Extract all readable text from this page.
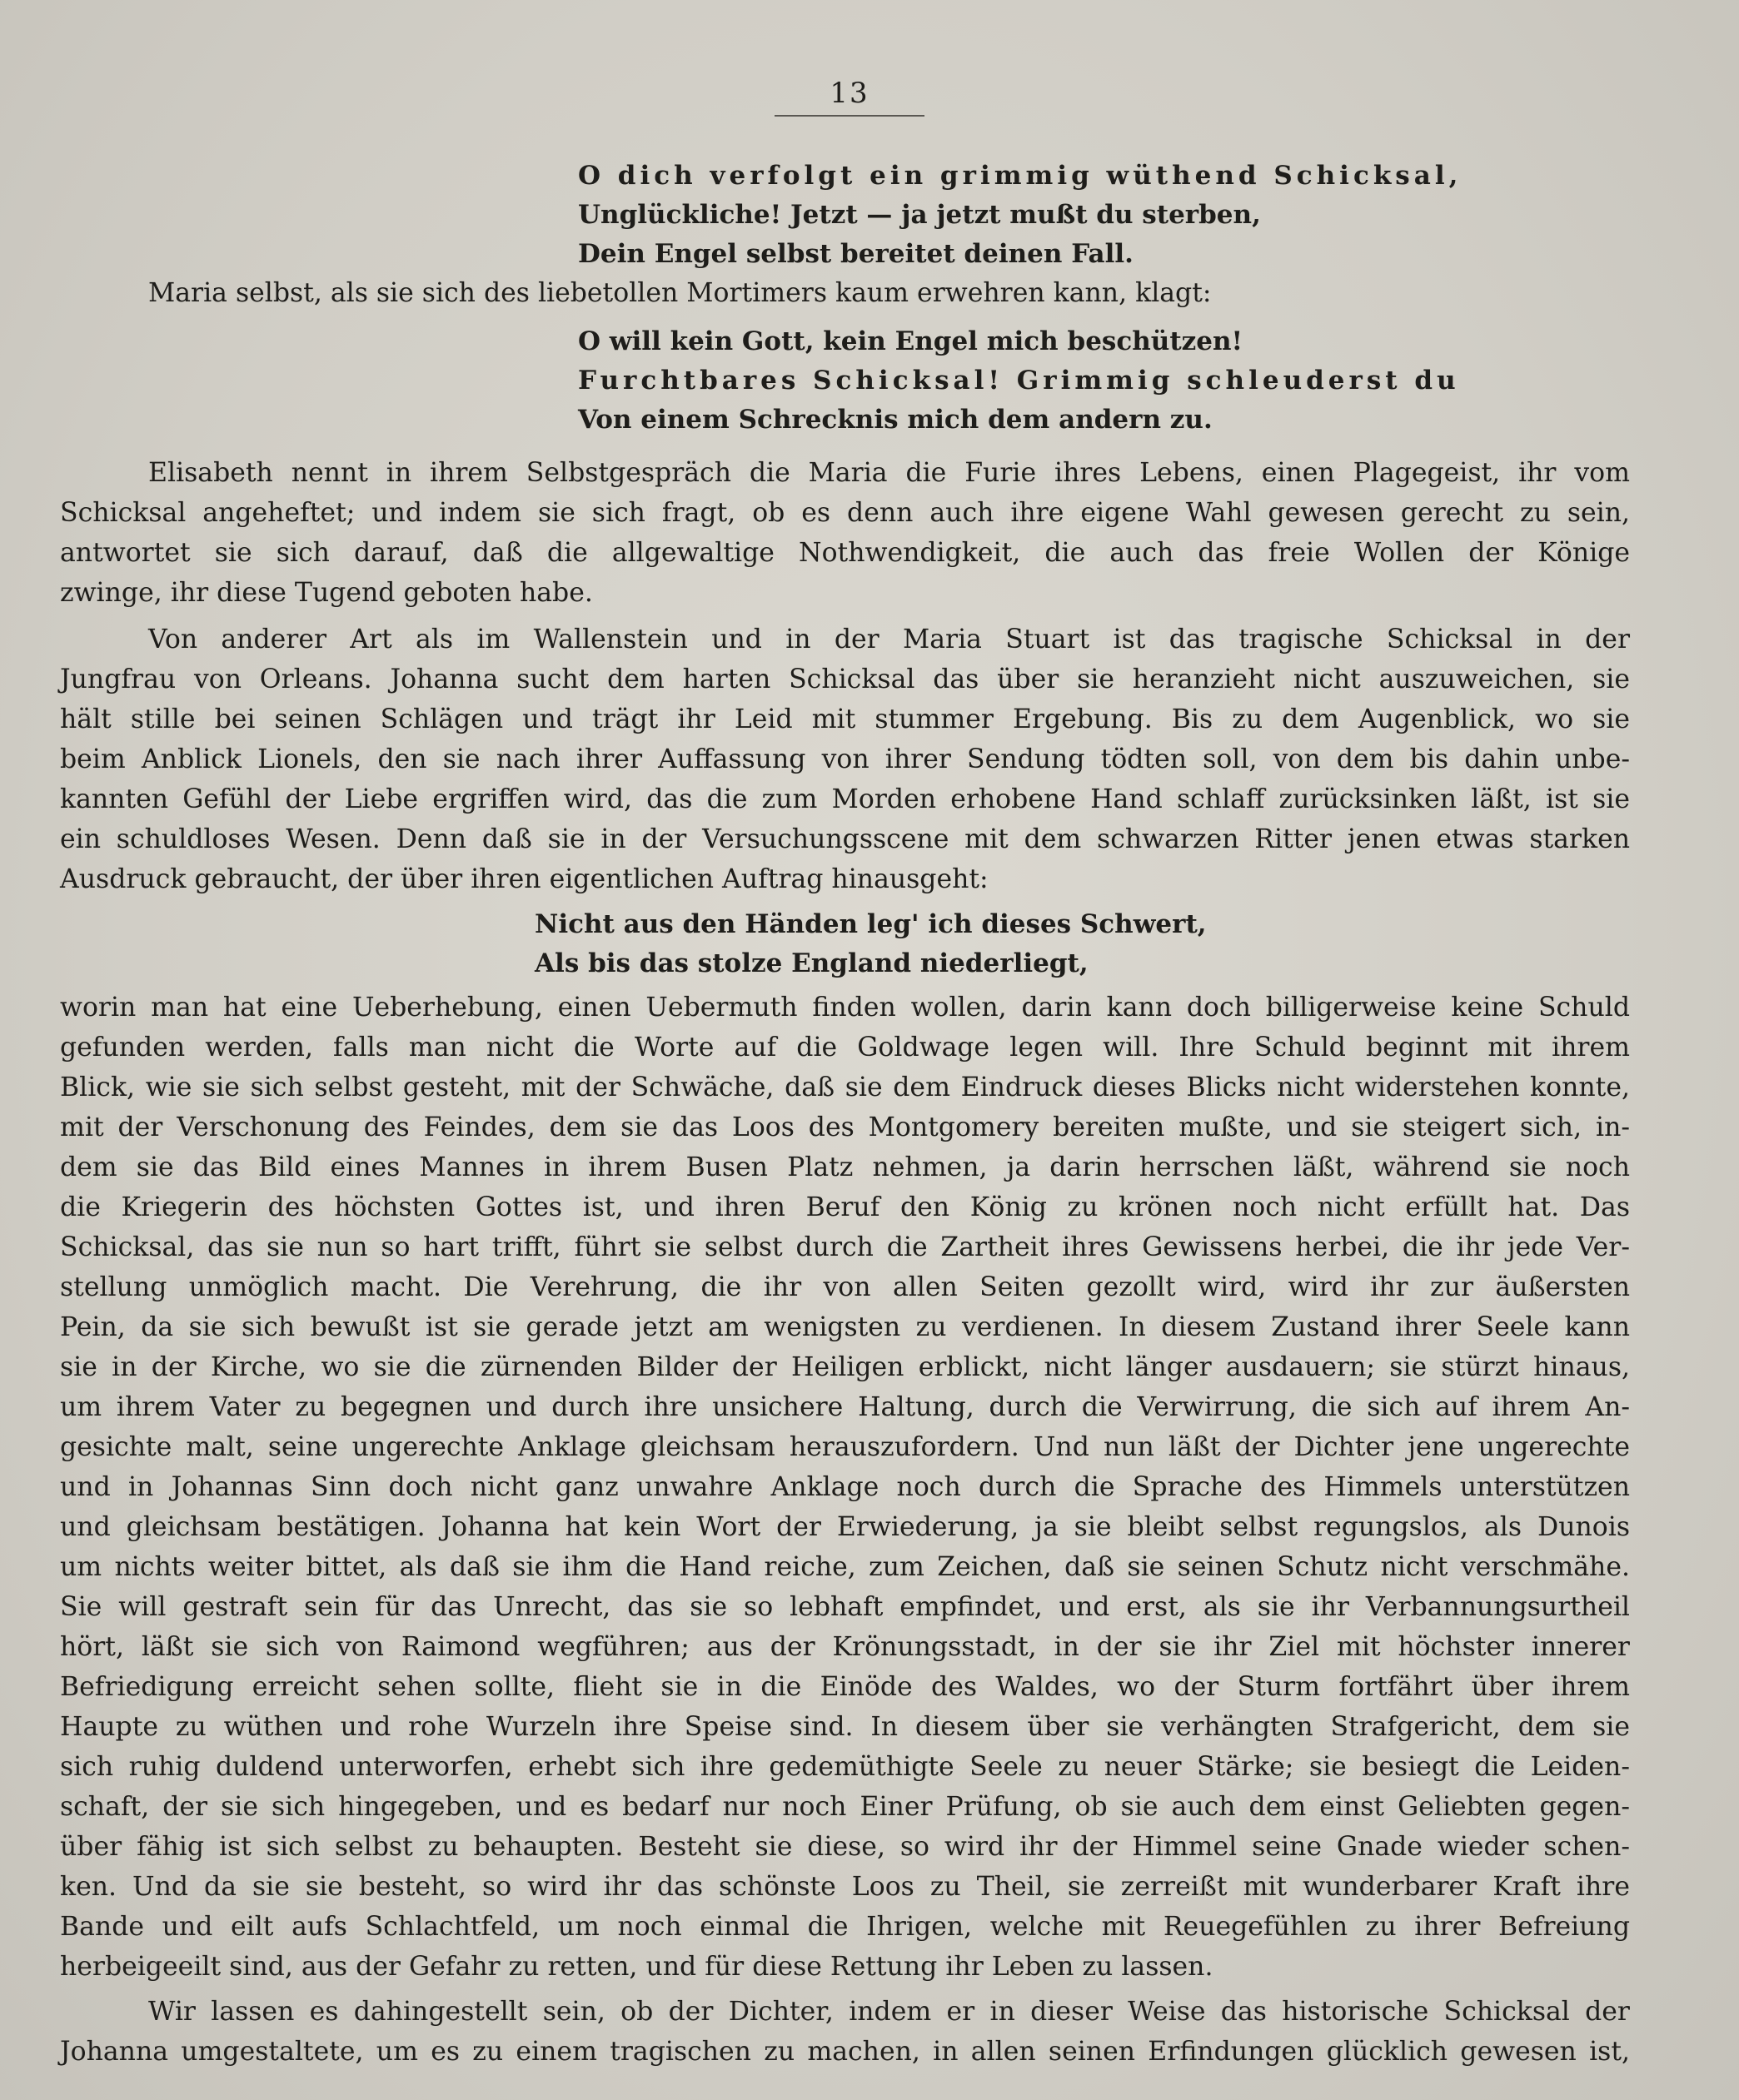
13
O dich verfolgt ein grimmig wüthend Schicksal,
Unglückliche! Jetzt — ja jetzt mußt du sterben,
Dein Engel selbst bereitet deinen Fall.
Maria selbst, als sie sich des liebetollen Mortimers kaum erwehren kann, klagt:
O will kein Gott, kein Engel mich beschützen!
Furchtbares Schicksal! Grimmig schleuderst du
Von einem Schrecknis mich dem andern zu.
Elisabeth nennt in ihrem Selbstgespräch die Maria die Furie ihres Lebens, einen Plagegeist, ihr vom
Schicksal angeheftet; und indem sie sich fragt, ob es denn auch ihre eigene Wahl gewesen gerecht zu sein,
antwortet sie sich darauf, daß die allgewaltige Nothwendigkeit, die auch das freie Wollen der Könige
zwinge, ihr diese Tugend geboten habe.
Von anderer Art als im Wallenstein und in der Maria Stuart ist das tragische Schicksal in der
Jungfrau von Orleans. Johanna sucht dem harten Schicksal das über sie heranzieht nicht auszuweichen, sie
hält stille bei seinen Schlägen und trägt ihr Leid mit stummer Ergebung. Bis zu dem Augenblick, wo sie
beim Anblick Lionels, den sie nach ihrer Auffassung von ihrer Sendung tödten soll, von dem bis dahin unbe-
kannten Gefühl der Liebe ergriffen wird, das die zum Morden erhobene Hand schlaff zurücksinken läßt, ist sie
ein schuldloses Wesen. Denn daß sie in der Versuchungsscene mit dem schwarzen Ritter jenen etwas starken
Ausdruck gebraucht, der über ihren eigentlichen Auftrag hinausgeht:
Nicht aus den Händen leg' ich dieses Schwert,
Als bis das stolze England niederliegt,
worin man hat eine Ueberhebung, einen Uebermuth finden wollen, darin kann doch billigerweise keine Schuld
gefunden werden, falls man nicht die Worte auf die Goldwage legen will. Ihre Schuld beginnt mit ihrem
Blick, wie sie sich selbst gesteht, mit der Schwäche, daß sie dem Eindruck dieses Blicks nicht widerstehen konnte,
mit der Verschonung des Feindes, dem sie das Loos des Montgomery bereiten mußte, und sie steigert sich, in-
dem sie das Bild eines Mannes in ihrem Busen Platz nehmen, ja darin herrschen läßt, während sie noch
die Kriegerin des höchsten Gottes ist, und ihren Beruf den König zu krönen noch nicht erfüllt hat. Das
Schicksal, das sie nun so hart trifft, führt sie selbst durch die Zartheit ihres Gewissens herbei, die ihr jede Ver-
stellung unmöglich macht. Die Verehrung, die ihr von allen Seiten gezollt wird, wird ihr zur äußersten
Pein, da sie sich bewußt ist sie gerade jetzt am wenigsten zu verdienen. In diesem Zustand ihrer Seele kann
sie in der Kirche, wo sie die zürnenden Bilder der Heiligen erblickt, nicht länger ausdauern; sie stürzt hinaus,
um ihrem Vater zu begegnen und durch ihre unsichere Haltung, durch die Verwirrung, die sich auf ihrem An-
gesichte malt, seine ungerechte Anklage gleichsam herauszufordern. Und nun läßt der Dichter jene ungerechte
und in Johannas Sinn doch nicht ganz unwahre Anklage noch durch die Sprache des Himmels unterstützen
und gleichsam bestätigen. Johanna hat kein Wort der Erwiederung, ja sie bleibt selbst regungslos, als Dunois
um nichts weiter bittet, als daß sie ihm die Hand reiche, zum Zeichen, daß sie seinen Schutz nicht verschmähe.
Sie will gestraft sein für das Unrecht, das sie so lebhaft empfindet, und erst, als sie ihr Verbannungsurtheil
hört, läßt sie sich von Raimond wegführen; aus der Krönungsstadt, in der sie ihr Ziel mit höchster innerer
Befriedigung erreicht sehen sollte, flieht sie in die Einöde des Waldes, wo der Sturm fortfährt über ihrem
Haupte zu wüthen und rohe Wurzeln ihre Speise sind. In diesem über sie verhängten Strafgericht, dem sie
sich ruhig duldend unterworfen, erhebt sich ihre gedemüthigte Seele zu neuer Stärke; sie besiegt die Leiden-
schaft, der sie sich hingegeben, und es bedarf nur noch Einer Prüfung, ob sie auch dem einst Geliebten gegen-
über fähig ist sich selbst zu behaupten. Besteht sie diese, so wird ihr der Himmel seine Gnade wieder schen-
ken. Und da sie sie besteht, so wird ihr das schönste Loos zu Theil, sie zerreißt mit wunderbarer Kraft ihre
Bande und eilt aufs Schlachtfeld, um noch einmal die Ihrigen, welche mit Reuegefühlen zu ihrer Befreiung
herbeigeeilt sind, aus der Gefahr zu retten, und für diese Rettung ihr Leben zu lassen.
Wir lassen es dahingestellt sein, ob der Dichter, indem er in dieser Weise das historische Schicksal der
Johanna umgestaltete, um es zu einem tragischen zu machen, in allen seinen Erfindungen glücklich gewesen ist,
